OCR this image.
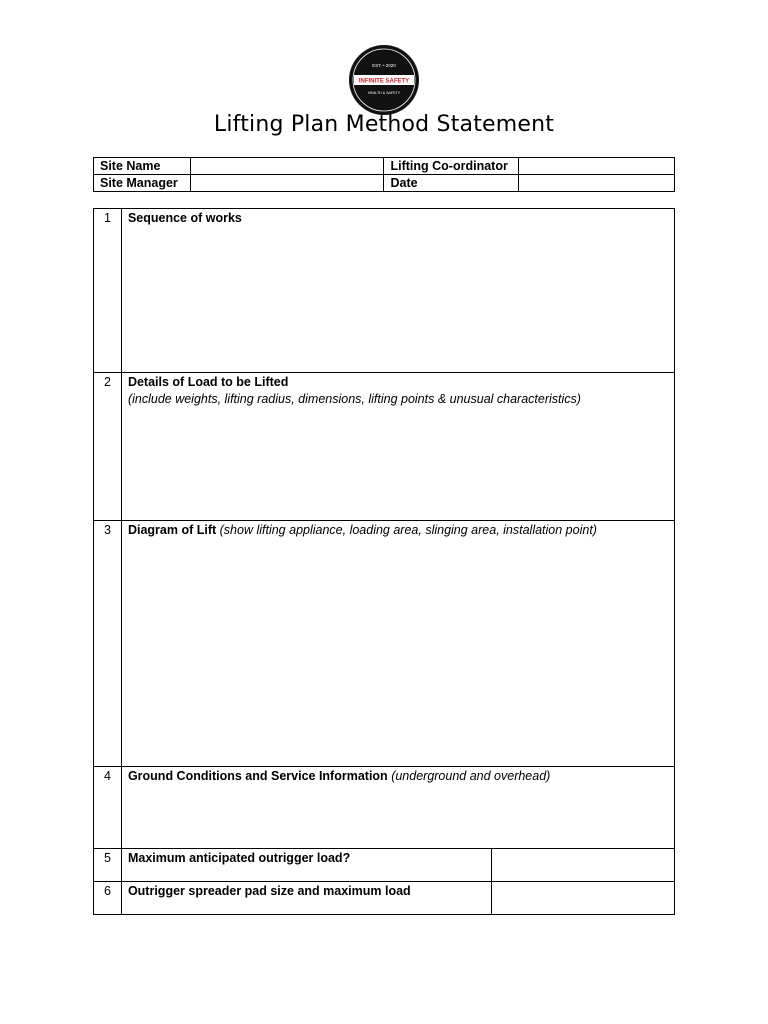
EST. • 2020
INFINITE SAFETY
HEALTH & SAFETY
Lifting Plan Method Statement
Site Name		Lifting Co-ordinator	
Site Manager		Date	
1	Sequence of works	

2	Details of Load to be Lifted
(include weights, lifting radius, dimensions, lifting points & unusual characteristics)	

3	Diagram of Lift (show lifting appliance, loading area, slinging area, installation point)	

4	Ground Conditions and Service Information (underground and overhead)	

5	Maximum anticipated outrigger load?	

6	Outrigger spreader pad size and maximum load	
